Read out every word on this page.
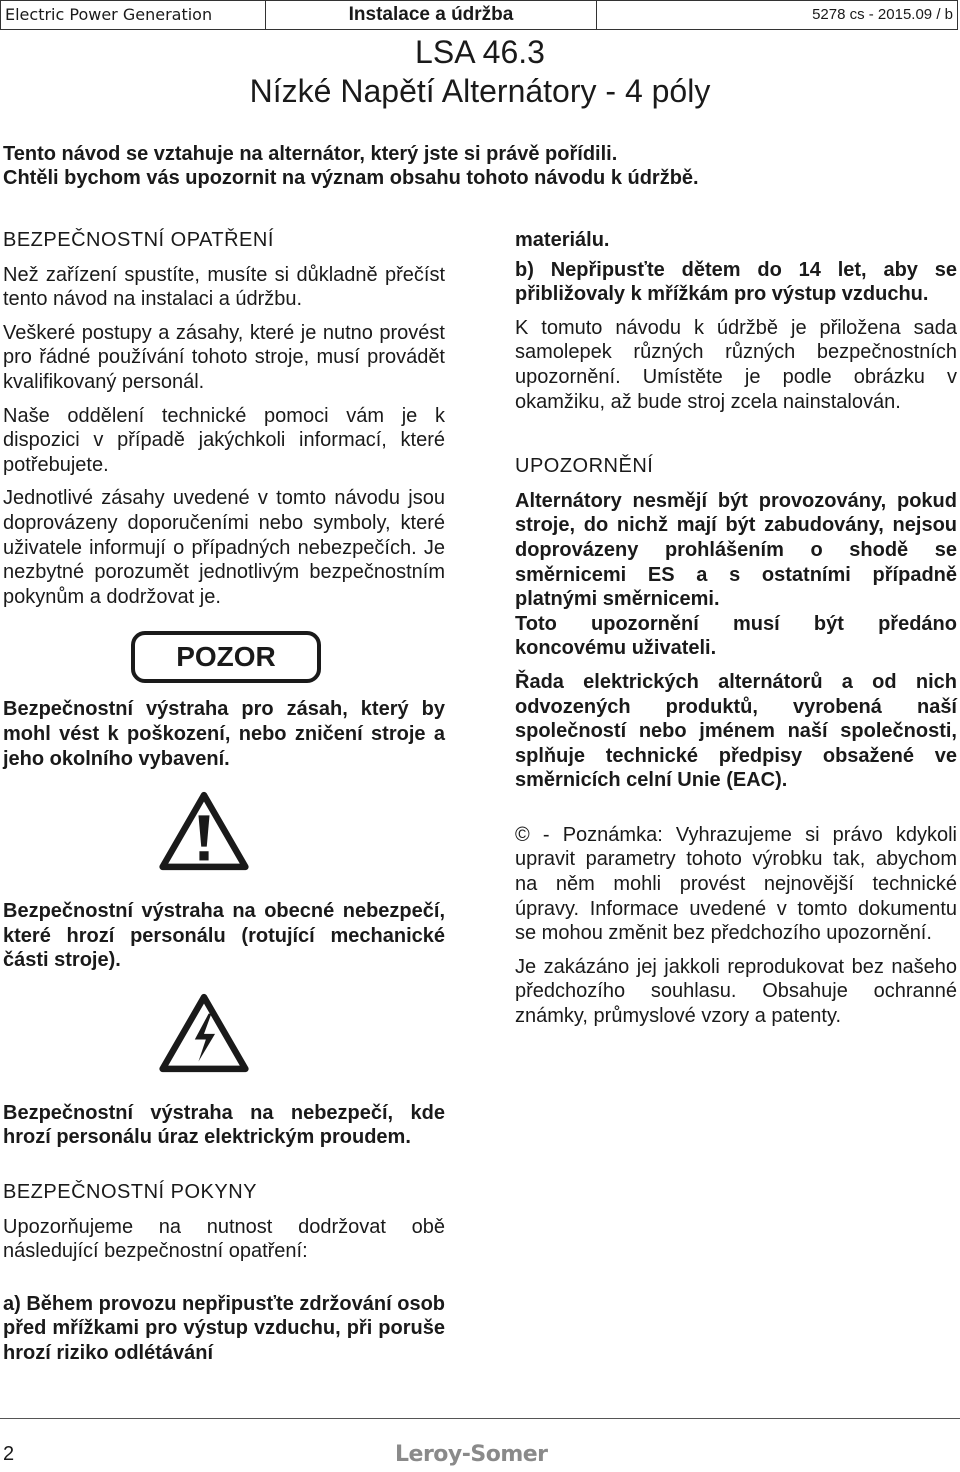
Electric Power Generation	Instalace a údržba	5278 cs - 2015.09 / b
LSA 46.3
Nízké Napětí Alternátory - 4 póly
Tento návod se vztahuje na alternátor, který jste si právě pořídili.
Chtěli bychom vás upozornit na význam obsahu tohoto návodu k údržbě.
BEZPEČNOSTNÍ OPATŘENÍ

Než zařízení spustíte, musíte si důkladně přečíst tento návod na instalaci a údržbu.

Veškeré postupy a zásahy, které je nutno provést pro řádné používání tohoto stroje, musí provádět kvalifikovaný personál.

Naše oddělení technické pomoci vám je k dispozici v případě jakýchkoli informací, které potřebujete.

Jednotlivé zásahy uvedené v tomto návodu jsou doprovázeny doporučeními nebo symboly, které uživatele informují o případných nebezpečích. Je nezbytné porozumět jednotlivým bezpečnostním pokynům a dodržovat je.

POZOR

Bezpečnostní výstraha pro zásah, který by mohl vést k poškození, nebo zničení stroje a jeho okolního vybavení.

Bezpečnostní výstraha na obecné nebezpečí, které hrozí personálu (rotující mechanické části stroje).

Bezpečnostní výstraha na nebezpečí, kde hrozí personálu úraz elektrickým proudem.

BEZPEČNOSTNÍ POKYNY

Upozorňujeme na nutnost dodržovat obě následující bezpečnostní opatření:

a) Během provozu nepřipusťte zdržování osob před mřížkami pro výstup vzduchu, při poruše hrozí riziko odlétávání

materiálu.

b) Nepřipusťte dětem do 14 let, aby se přibližovaly k mřížkám pro výstup vzduchu.

K tomuto návodu k údržbě je přiložena sada samolepek různých různých bezpečnostních upozornění. Umístěte je podle obrázku v okamžiku, až bude stroj zcela nainstalován.

UPOZORNĚNÍ

Alternátory nesmějí být provozovány, pokud stroje, do nichž mají být zabudovány, nejsou doprovázeny prohlášením o shodě se směrnicemi ES a s ostatními případně platnými směrnicemi.

Toto upozornění musí být předáno koncovému uživateli.

Řada elektrických alternátorů a od nich odvozených produktů, vyrobená naší společností nebo jménem naší společnosti, splňuje technické předpisy obsažené ve směrnicích celní Unie (EAC).

© - Poznámka: Vyhrazujeme si právo kdykoli upravit parametry tohoto výrobku tak, abychom na něm mohli provést nejnovější technické úpravy. Informace uvedené v tomto dokumentu se mohou změnit bez předchozího upozornění.

Je zakázáno jej jakkoli reprodukovat bez našeho předchozího souhlasu. Obsahuje ochranné známky, průmyslové vzory a patenty.

2	Leroy-Somer
